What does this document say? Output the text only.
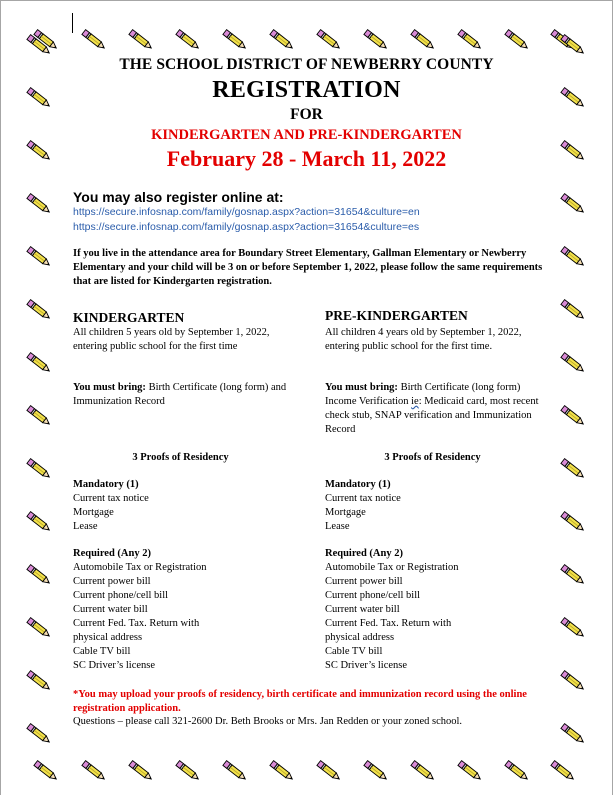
THE SCHOOL DISTRICT OF NEWBERRY COUNTY
REGISTRATION
FOR
KINDERGARTEN AND PRE-KINDERGARTEN
February 28 - March 11, 2022
You may also register online at:
https://secure.infosnap.com/family/gosnap.aspx?action=31654&culture=en
https://secure.infosnap.com/family/gosnap.aspx?action=31654&culture=es
If you live in the attendance area for Boundary Street Elementary, Gallman Elementary or Newberry Elementary and your child will be 3 on or before September 1, 2022, please follow the same requirements that are listed for Kindergarten registration.
KINDERGARTEN
All children 5 years old by September 1, 2022, entering public school for the first time
You must bring: Birth Certificate (long form) and Immunization Record
3 Proofs of Residency
Mandatory (1)
Current tax notice
Mortgage
Lease
Required (Any 2)
Automobile Tax or Registration
Current power bill
Current phone/cell bill
Current water bill
Current Fed. Tax. Return with
physical address
Cable TV bill
SC Driver’s license
PRE-KINDERGARTEN
All children 4 years old by September 1, 2022, entering public school for the first time.
You must bring: Birth Certificate (long form) Income Verification ie: Medicaid card, most recent check stub, SNAP verification and Immunization Record
3 Proofs of Residency
Mandatory (1)
Current tax notice
Mortgage
Lease
Required (Any 2)
Automobile Tax or Registration
Current power bill
Current phone/cell bill
Current water bill
Current Fed. Tax. Return with
physical address
Cable TV bill
SC Driver’s license
*You may upload your proofs of residency, birth certificate and immunization record using the online registration application.
Questions – please call 321-2600 Dr. Beth Brooks or Mrs. Jan Redden or your zoned school.
